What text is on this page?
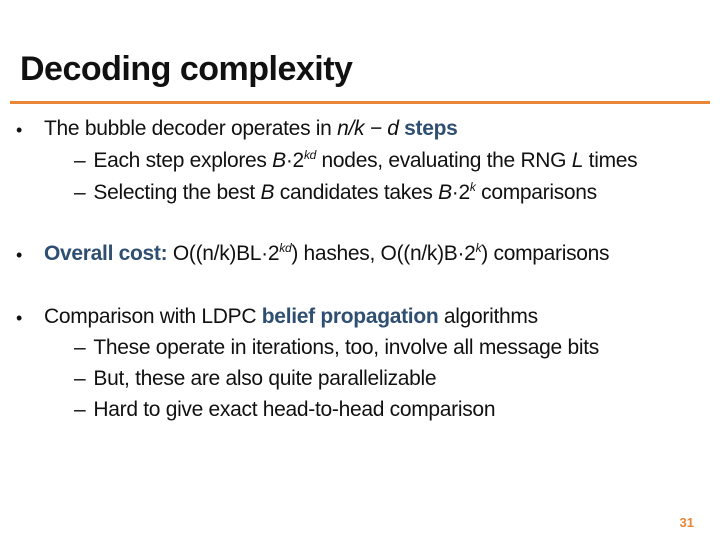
Decoding complexity
• The bubble decoder operates in n/k − d steps
– Each step explores $B\cdot 2^{kd}$ nodes, evaluating the RNG L times
– Selecting the best B candidates takes $B\cdot 2^k$ comparisons
• Overall cost: $O((n/k)BL\cdot 2^{kd})$ hashes, $O((n/k)B\cdot 2^k)$ comparisons
• Comparison with LDPC belief propagation algorithms
– These operate in iterations, too, involve all message bits
– But, these are also quite parallelizable
– Hard to give exact head-to-head comparison
31
